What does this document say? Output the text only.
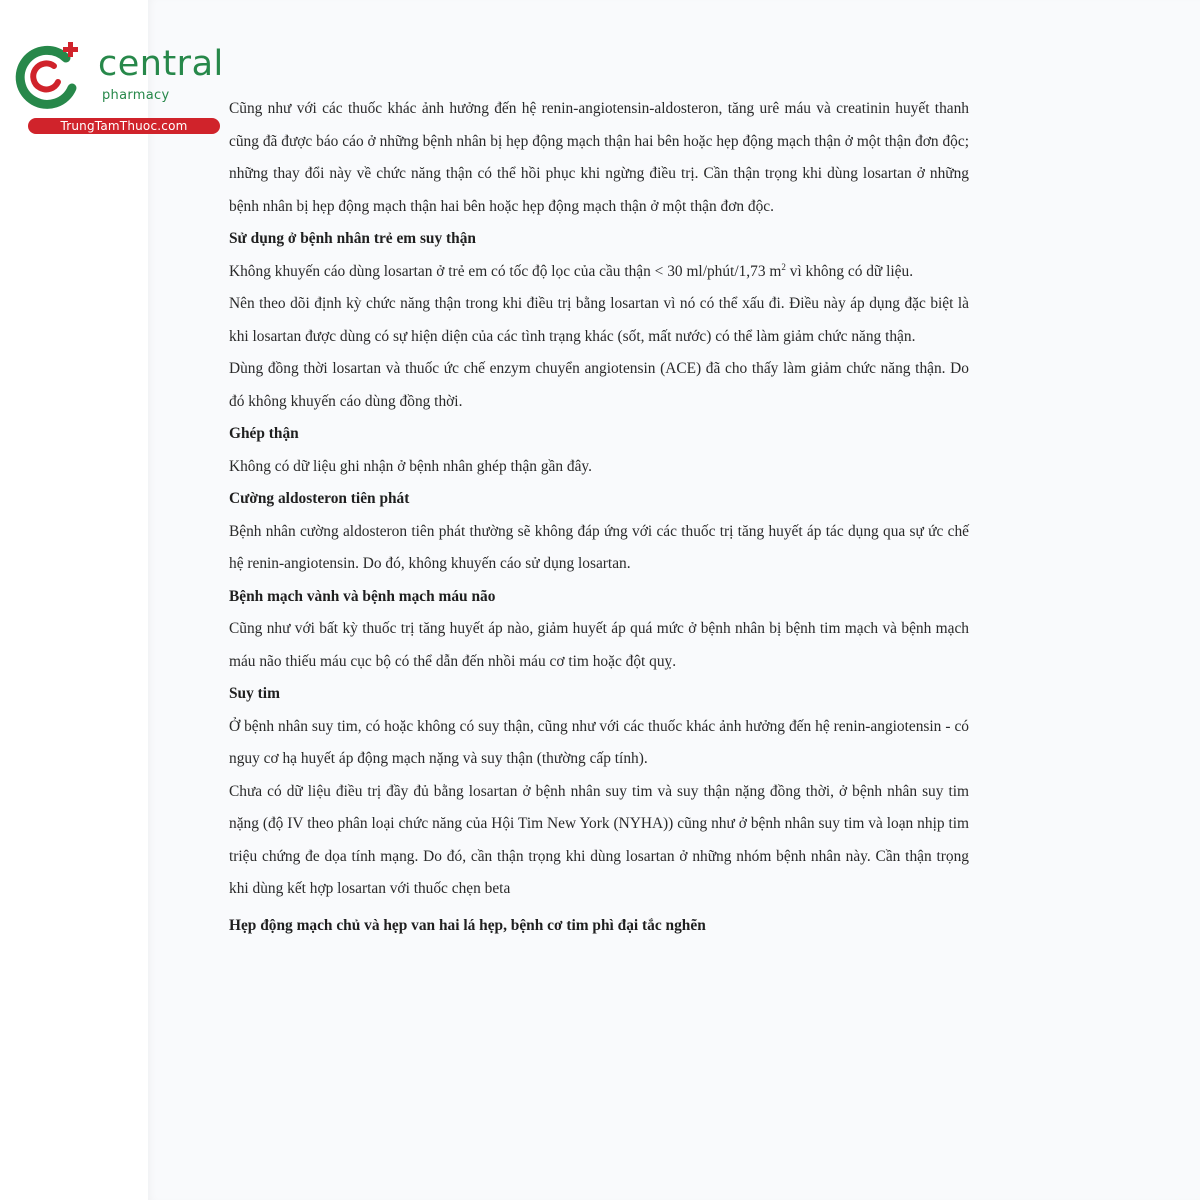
central
pharmacy
TrungTamThuoc.com

Cũng như với các thuốc khác ảnh hưởng đến hệ renin-angiotensin-aldosteron, tăng urê máu và creatinin huyết thanh cũng đã được báo cáo ở những bệnh nhân bị hẹp động mạch thận hai bên hoặc hẹp động mạch thận ở một thận đơn độc; những thay đổi này về chức năng thận có thể hồi phục khi ngừng điều trị. Cần thận trọng khi dùng losartan ở những bệnh nhân bị hẹp động mạch thận hai bên hoặc hẹp động mạch thận ở một thận đơn độc.

Sử dụng ở bệnh nhân trẻ em suy thận

Không khuyến cáo dùng losartan ở trẻ em có tốc độ lọc của cầu thận < 30 ml/phút/1,73 $m^2$ vì không có dữ liệu.

Nên theo dõi định kỳ chức năng thận trong khi điều trị bằng losartan vì nó có thể xấu đi. Điều này áp dụng đặc biệt là khi losartan được dùng có sự hiện diện của các tình trạng khác (sốt, mất nước) có thể làm giảm chức năng thận.

Dùng đồng thời losartan và thuốc ức chế enzym chuyển angiotensin (ACE) đã cho thấy làm giảm chức năng thận. Do đó không khuyến cáo dùng đồng thời.

Ghép thận

Không có dữ liệu ghi nhận ở bệnh nhân ghép thận gần đây.

Cường aldosteron tiên phát

Bệnh nhân cường aldosteron tiên phát thường sẽ không đáp ứng với các thuốc trị tăng huyết áp tác dụng qua sự ức chế hệ renin-angiotensin. Do đó, không khuyến cáo sử dụng losartan.

Bệnh mạch vành và bệnh mạch máu não

Cũng như với bất kỳ thuốc trị tăng huyết áp nào, giảm huyết áp quá mức ở bệnh nhân bị bệnh tim mạch và bệnh mạch máu não thiếu máu cục bộ có thể dẫn đến nhồi máu cơ tim hoặc đột quỵ.

Suy tim

Ở bệnh nhân suy tim, có hoặc không có suy thận, cũng như với các thuốc khác ảnh hưởng đến hệ renin-angiotensin - có nguy cơ hạ huyết áp động mạch nặng và suy thận (thường cấp tính).

Chưa có dữ liệu điều trị đầy đủ bằng losartan ở bệnh nhân suy tim và suy thận nặng đồng thời, ở bệnh nhân suy tim nặng (độ IV theo phân loại chức năng của Hội Tim New York (NYHA)) cũng như ở bệnh nhân suy tim và loạn nhịp tim triệu chứng đe dọa tính mạng. Do đó, cần thận trọng khi dùng losartan ở những nhóm bệnh nhân này. Cần thận trọng khi dùng kết hợp losartan với thuốc chẹn beta

Hẹp động mạch chủ và hẹp van hai lá hẹp, bệnh cơ tim phì đại tắc nghẽn
